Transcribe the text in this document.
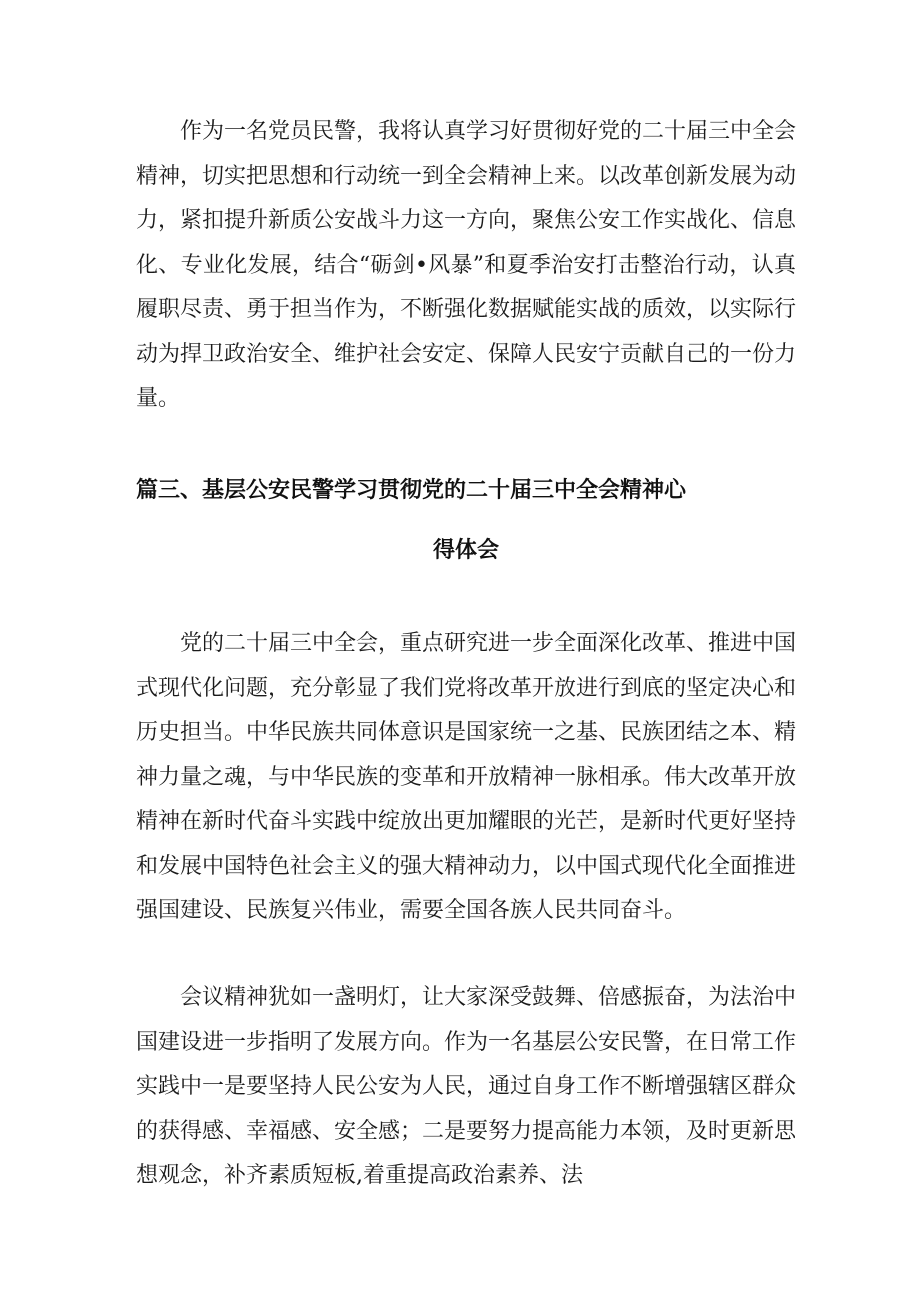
作为一名党员民警，我将认真学习好贯彻好党的二十届三中全会精神，切实把思想和行动统一到全会精神上来。以改革创新发展为动力，紧扣提升新质公安战斗力这一方向，聚焦公安工作实战化、信息化、专业化发展，结合“砺剑•风暴”和夏季治安打击整治行动，认真履职尽责、勇于担当作为，不断强化数据赋能实战的质效，以实际行动为捍卫政治安全、维护社会安定、保障人民安宁贡献自己的一份力量。

篇三、基层公安民警学习贯彻党的二十届三中全会精神心
得体会

党的二十届三中全会，重点研究进一步全面深化改革、推进中国式现代化问题，充分彰显了我们党将改革开放进行到底的坚定决心和历史担当。中华民族共同体意识是国家统一之基、民族团结之本、精神力量之魂，与中华民族的变革和开放精神一脉相承。伟大改革开放精神在新时代奋斗实践中绽放出更加耀眼的光芒，是新时代更好坚持和发展中国特色社会主义的强大精神动力，以中国式现代化全面推进强国建设、民族复兴伟业，需要全国各族人民共同奋斗。

会议精神犹如一盏明灯，让大家深受鼓舞、倍感振奋，为法治中国建设进一步指明了发展方向。作为一名基层公安民警，在日常工作实践中一是要坚持人民公安为人民，通过自身工作不断增强辖区群众的获得感、幸福感、安全感；二是要努力提高能力本领，及时更新思想观念，补齐素质短板,着重提高政治素养、法
